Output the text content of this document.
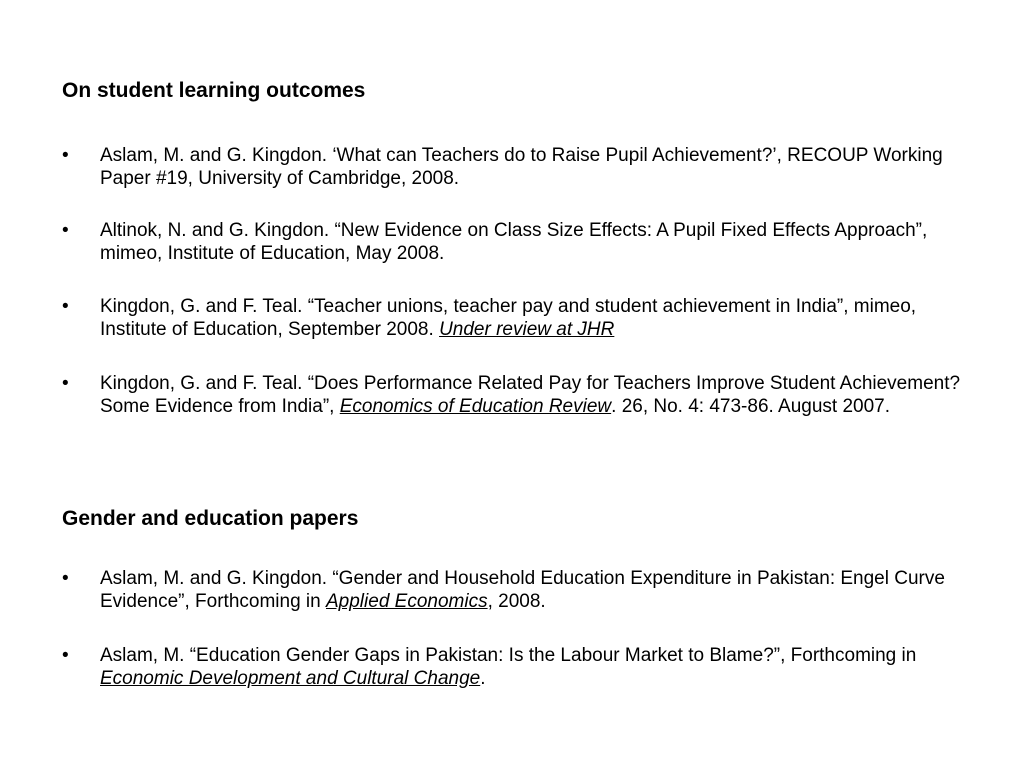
On student learning outcomes
• Aslam, M. and G. Kingdon. ‘What can Teachers do to Raise Pupil Achievement?’, RECOUP Working Paper #19, University of Cambridge, 2008.
• Altinok, N. and G. Kingdon. “New Evidence on Class Size Effects: A Pupil Fixed Effects Approach”, mimeo, Institute of Education, May 2008.
• Kingdon, G. and F. Teal. “Teacher unions, teacher pay and student achievement in India”, mimeo, Institute of Education, September 2008. Under review at JHR
• Kingdon, G. and F. Teal. “Does Performance Related Pay for Teachers Improve Student Achievement? Some Evidence from India”, Economics of Education Review. 26, No. 4: 473-86. August 2007.
Gender and education papers
• Aslam, M. and G. Kingdon. “Gender and Household Education Expenditure in Pakistan: Engel Curve Evidence”, Forthcoming in Applied Economics, 2008.
• Aslam, M. “Education Gender Gaps in Pakistan: Is the Labour Market to Blame?”, Forthcoming in Economic Development and Cultural Change.
